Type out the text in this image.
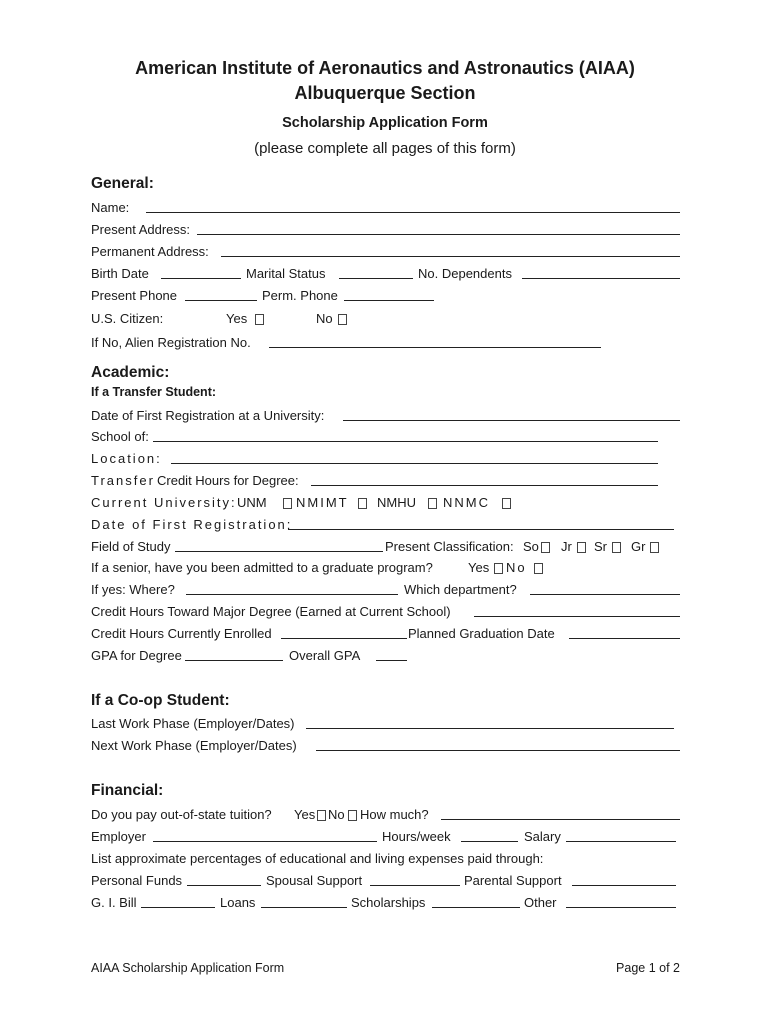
American Institute of Aeronautics and Astronautics (AIAA)
Albuquerque Section
Scholarship Application Form
(please complete all pages of this form)
General:
Name:
Present Address:
Permanent Address:
Birth Date	Marital Status	No. Dependents
Present Phone	Perm. Phone
U.S. Citizen:	Yes	No
If No, Alien Registration No.
Academic:
If a Transfer Student:
Date of First Registration at a University:
School of:
Location:
Transfer Credit Hours for Degree:
Current University: UNM NMIMT NMHU NNMC
Date of First Registration:
Field of Study	Present Classification: So Jr Sr Gr
If a senior, have you been admitted to a graduate program?	Yes No
If yes: Where?	Which department?
Credit Hours Toward Major Degree (Earned at Current School)
Credit Hours Currently Enrolled	Planned Graduation Date
GPA for Degree	Overall GPA
If a Co-op Student:
Last Work Phase (Employer/Dates)
Next Work Phase (Employer/Dates)
Financial:
Do you pay out-of-state tuition? Yes No How much?
Employer	Hours/week	Salary
List approximate percentages of educational and living expenses paid through:
Personal Funds	Spousal Support	Parental Support
G. I. Bill	Loans	Scholarships	Other
AIAA Scholarship Application Form	Page 1 of 2
